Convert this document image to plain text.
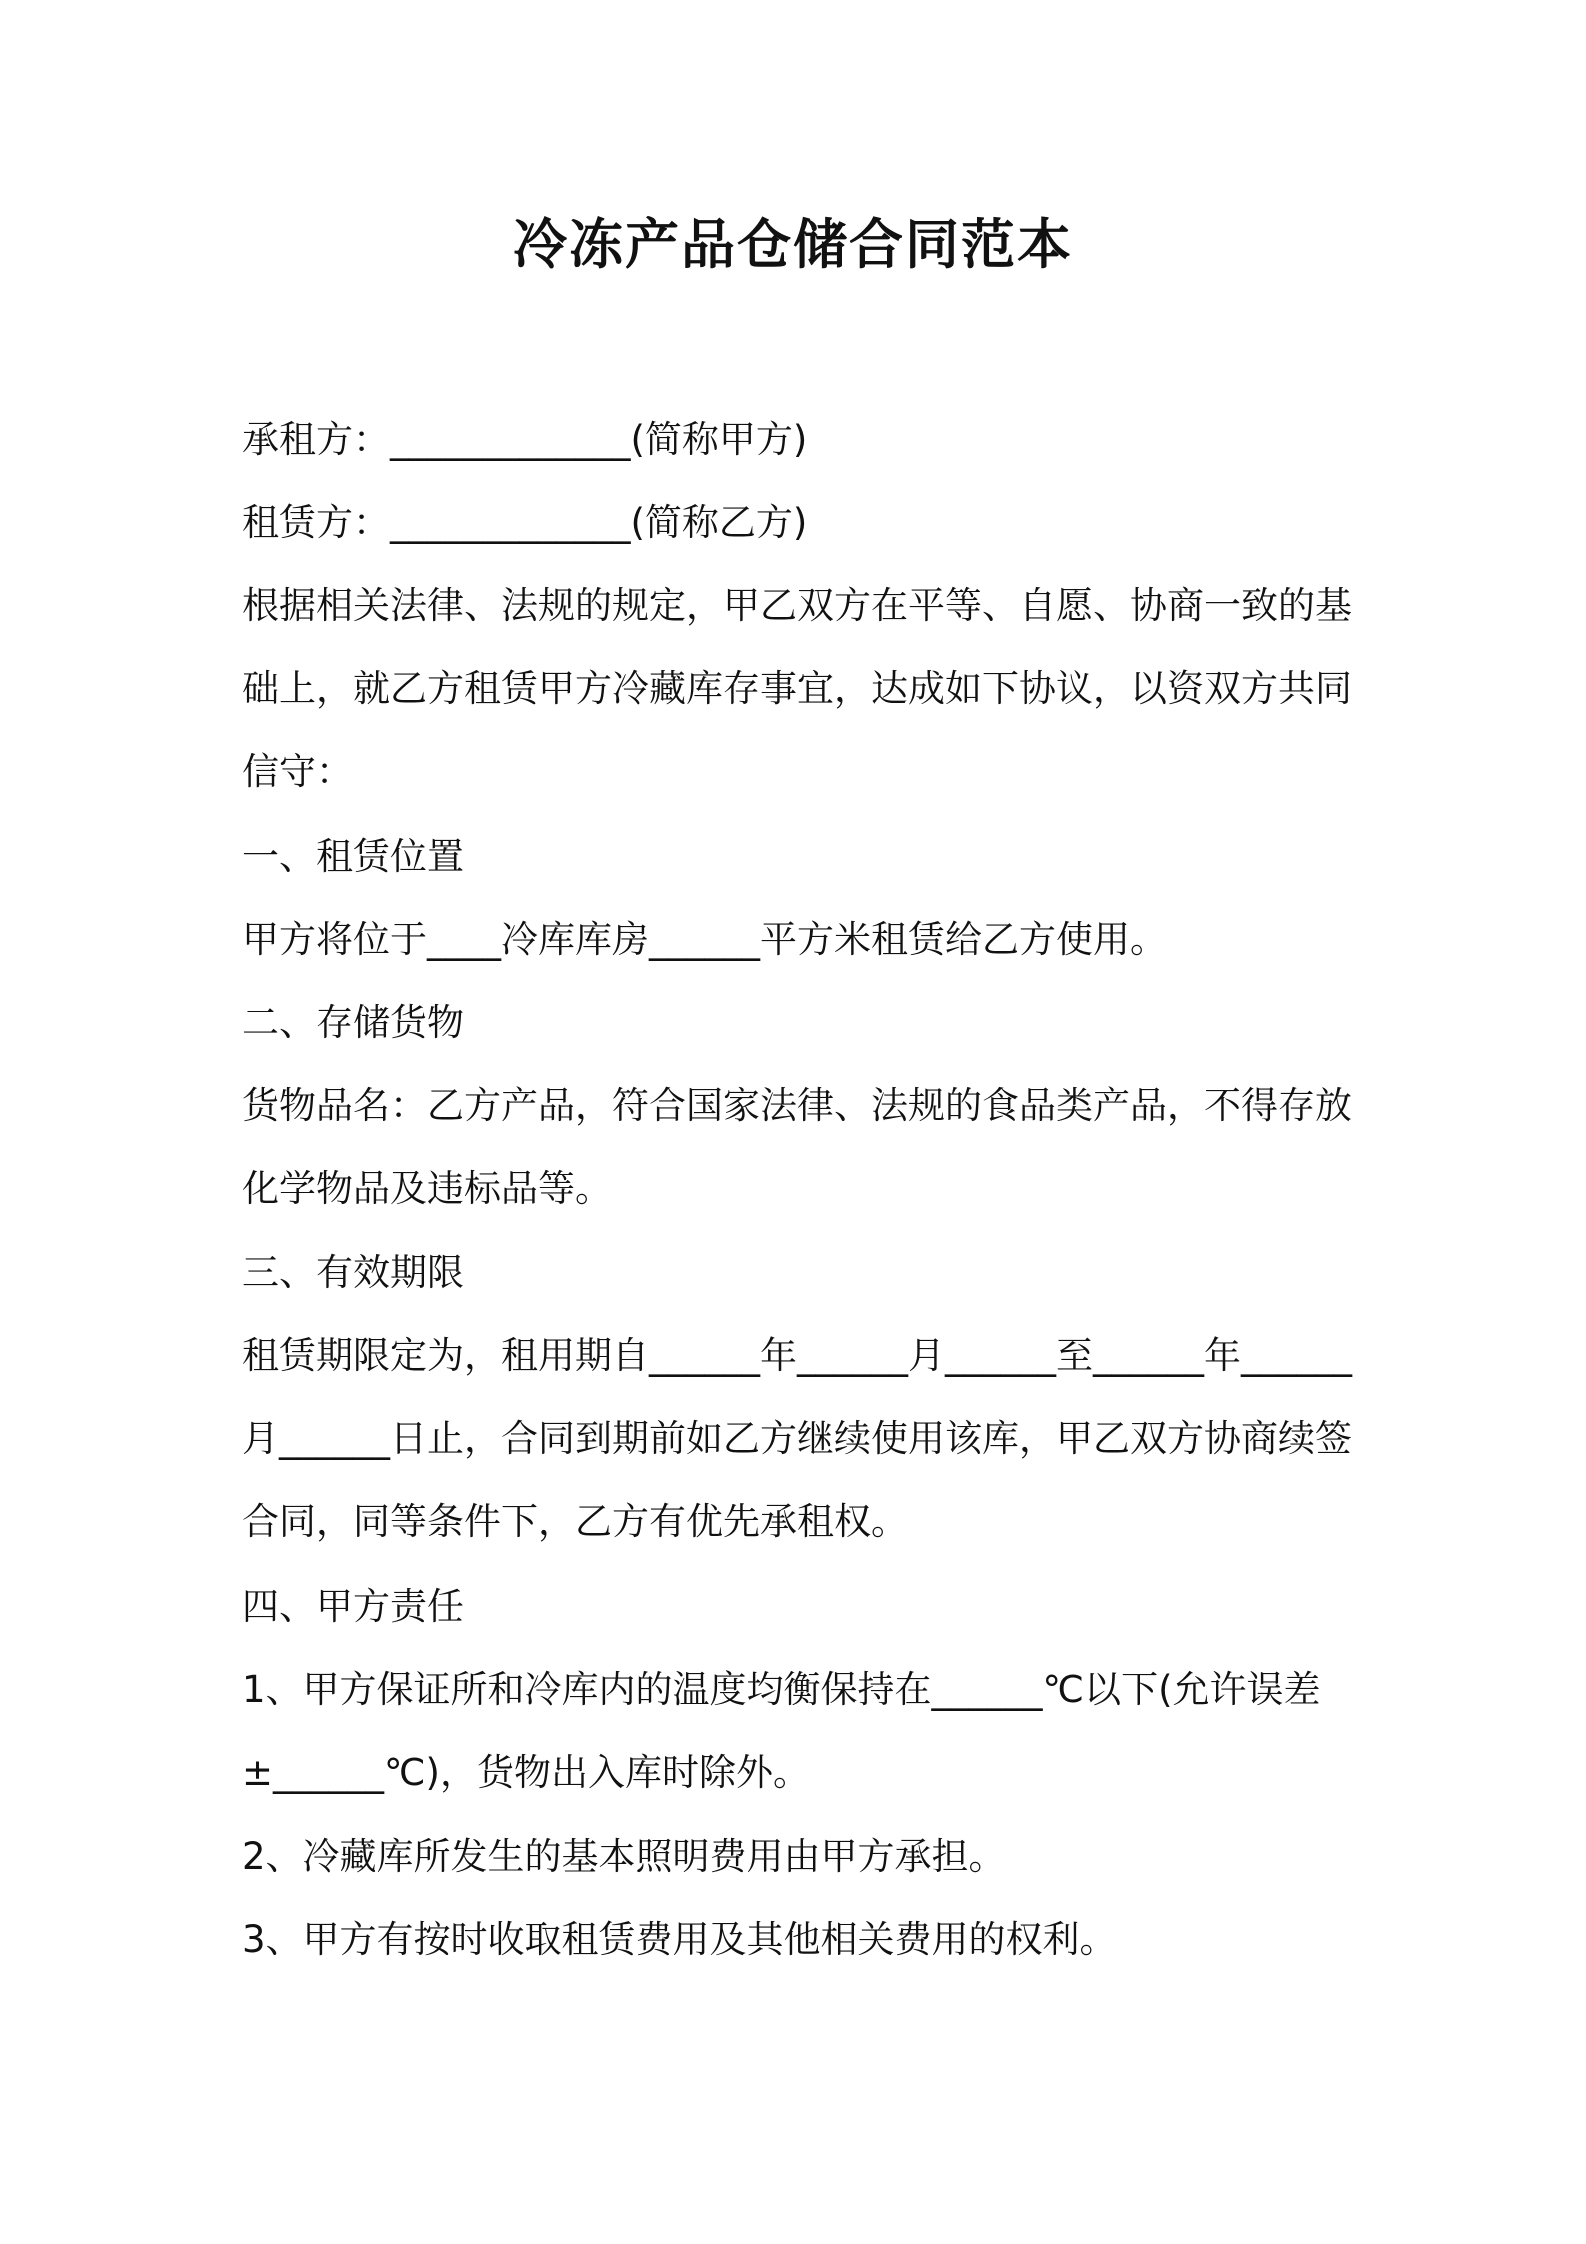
冷冻产品仓储合同范本

承租方：_____________(简称甲方)

租赁方：_____________(简称乙方)

根据相关法律、法规的规定，甲乙双方在平等、自愿、协商一致的基础上，就乙方租赁甲方冷藏库存事宜，达成如下协议，以资双方共同信守：

一、租赁位置

甲方将位于____冷库库房______平方米租赁给乙方使用。

二、存储货物

货物品名：乙方产品，符合国家法律、法规的食品类产品，不得存放化学物品及违标品等。

三、有效期限

租赁期限定为，租用期自______年______月______至______年______月______日止，合同到期前如乙方继续使用该库，甲乙双方协商续签合同，同等条件下，乙方有优先承租权。

四、甲方责任

1、甲方保证所和冷库内的温度均衡保持在______℃以下(允许误差±______℃)，货物出入库时除外。

2、冷藏库所发生的基本照明费用由甲方承担。

3、甲方有按时收取租赁费用及其他相关费用的权利。
